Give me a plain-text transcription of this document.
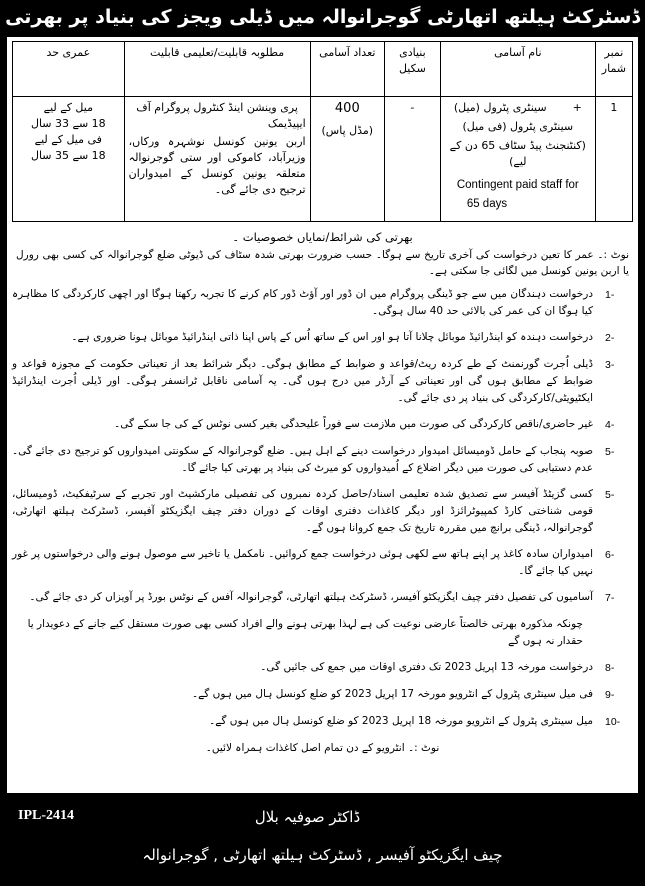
ڈسٹرکٹ ہیلتھ اتھارٹی گوجرانوالہ میں ڈیلی ویجز کی بنیاد پر بھرتی
نمبر شمار	نام آسامی	بنیادی سکیل	تعداد آسامی	مطلوبہ قابلیت/تعلیمی قابلیت	عمری حد
1	+سینٹری پٹرول (میل)
سینٹری پٹرول (فی میل)
(کنٹنجنٹ پیڈ سٹاف 65 دن کے لیے)
Contingent paid staff for
65 days	-	400
(مڈل پاس)	پری وینشن اینڈ کنٹرول پروگرام آف ایپیڈیمک
اربن یونین کونسل نوشہرہ ورکاں، وزیرآباد، کاموکی اور ستی گوجرنوالہ متعلقہ یونین کونسل کے امیدواران ترجیح دی جائے گی۔	میل کے لیے
18 سے 33 سال
فی میل کے لیے
18 سے 35 سال
بھرتی کی شرائط/نمایاں خصوصیات ۔
نوٹ :۔ عمر کا تعین درخواست کی آخری تاریخ سے ہوگا۔ حسب ضرورت بھرتی شدہ سٹاف کی ڈیوٹی ضلع گوجرانوالہ کی کسی بھی رورل یا اربن یونین کونسل میں لگائی جا سکتی ہے۔
1-
درخواست دہندگان میں سے جو ڈینگی پروگرام میں ان ڈور اور آؤٹ ڈور کام کرنے کا تجربہ رکھتا ہوگا اور اچھی کارکردگی کا مظاہرہ کیا ہوگا ان کی عمر کی بالائی حد 40 سال ہوگی۔
2-
درخواست دہندہ کو اینڈرائیڈ موبائل چلانا آتا ہو اور اس کے ساتھ اُس کے پاس اپنا ذاتی اینڈرائیڈ موبائل ہونا ضروری ہے۔
3-
ڈیلی اُجرت گورنمنٹ کے طے کردہ ریٹ/قواعد و ضوابط کے مطابق ہوگی۔ دیگر شرائط بعد از تعیناتی حکومت کے مجوزہ قواعد و ضوابط کے مطابق ہوں گی اور تعیناتی کے آرڈر میں درج ہوں گی۔ یہ آسامی ناقابل ٹرانسفر ہوگی۔ اور ڈیلی اُجرت اینڈرائیڈ ایکٹیویٹی/کارکردگی کی بنیاد پر دی جائے گی۔
4-
غیر حاضری/ناقص کارکردگی کی صورت میں ملازمت سے فوراً علیحدگی بغیر کسی نوٹس کے کی جا سکے گی۔
5-
صوبہ پنجاب کے حامل ڈومیسائل امیدوار درخواست دینے کے اہل ہیں۔ ضلع گوجرانوالہ کے سکونتی امیدواروں کو ترجیح دی جائے گی۔ عدم دستیابی کی صورت میں دیگر اضلاع کے اُمیدواروں کو میرٹ کی بنیاد پر بھرتی کیا جائے گا۔
5-
کسی گزیٹڈ آفیسر سے تصدیق شدہ تعلیمی اسناد/حاصل کردہ نمبروں کی تفصیلی مارکشیٹ اور تجربے کے سرٹیفکیٹ، ڈومیسائل، قومی شناختی کارڈ کمپیوٹرائزڈ اور دیگر کاغذات دفتری اوقات کے دوران دفتر چیف ایگزیکٹو آفیسر، ڈسٹرکٹ ہیلتھ اتھارٹی، گوجرانوالہ، ڈینگی برانچ میں مقررہ تاریخ تک جمع کروانا ہوں گے۔
6-
امیدواران سادہ کاغذ پر اپنے ہاتھ سے لکھی ہوئی درخواست جمع کروائیں۔ نامکمل یا تاخیر سے موصول ہونے والی درخواستوں پر غور نہیں کیا جائے گا۔
7-
آسامیوں کی تفصیل دفتر چیف ایگزیکٹو آفیسر، ڈسٹرکٹ ہیلتھ اتھارٹی، گوجرانوالہ آفس کے نوٹس بورڈ پر آویزاں کر دی جائے گی۔
چونکہ مذکورہ بھرتی خالصتاً عارضی نوعیت کی ہے لہذا بھرتی ہونے والے افراد کسی بھی صورت مستقل کیے جانے کے دعویدار یا حقدار نہ ہوں گے
8-
درخواست مورخہ 13 اپریل 2023 تک دفتری اوقات میں جمع کی جائیں گی۔
9-
فی میل سینٹری پٹرول کے انٹرویو مورخہ 17 اپریل 2023 کو ضلع کونسل ہال میں ہوں گے۔
10-
میل سینٹری پٹرول کے انٹرویو مورخہ 18 اپریل 2023 کو ضلع کونسل ہال میں ہوں گے۔
نوٹ :۔ انٹرویو کے دن تمام اصل کاغذات ہمراہ لائیں۔
IPL-2414	ڈاکٹر صوفیہ بلال
چیف ایگزیکٹو آفیسر , ڈسٹرکٹ ہیلتھ اتھارٹی , گوجرانوالہ
